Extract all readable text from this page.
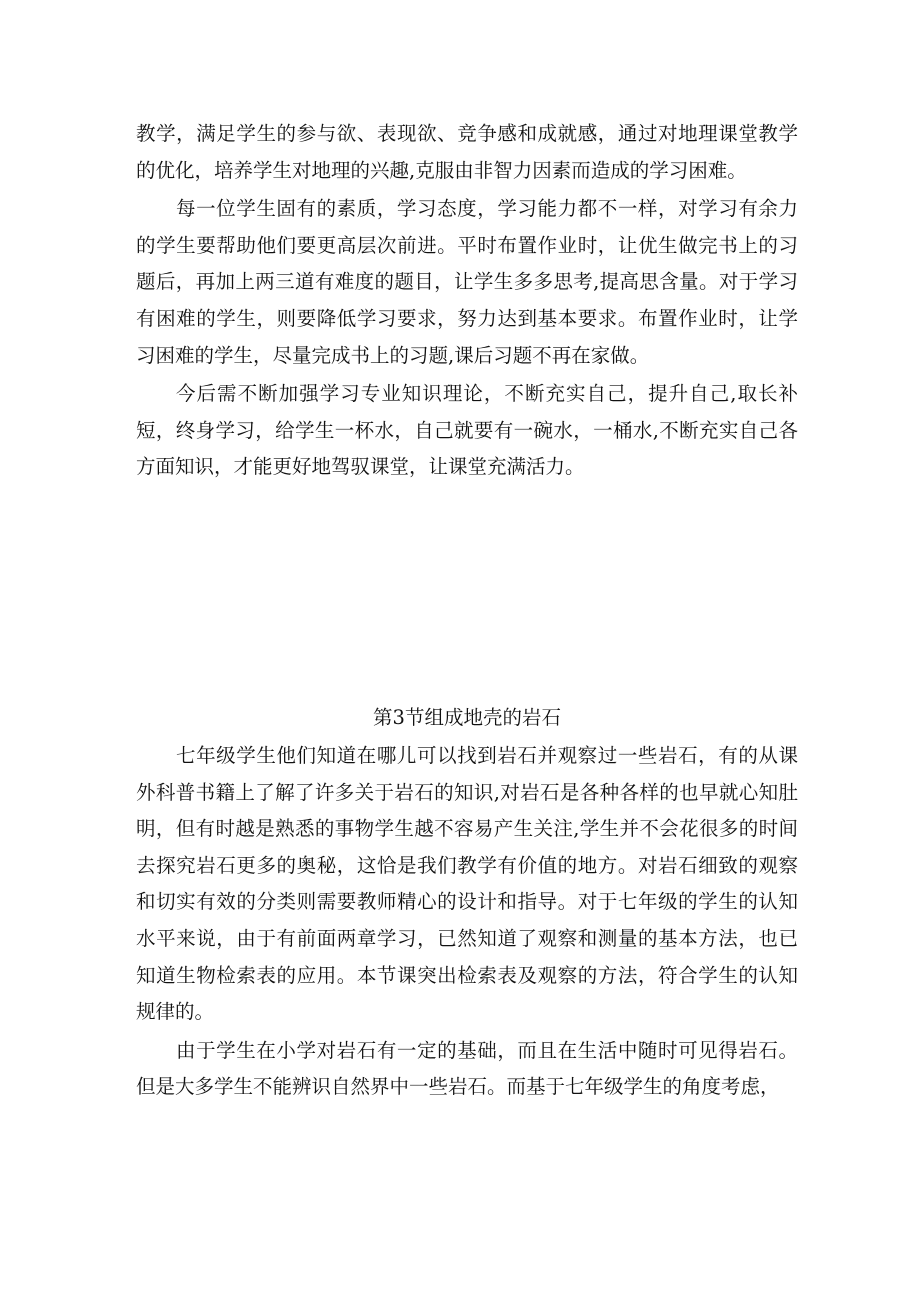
教学，满足学生的参与欲、表现欲、竞争感和成就感，通过对地理课堂教学的优化，培养学生对地理的兴趣,克服由非智力因素而造成的学习困难。

每一位学生固有的素质，学习态度，学习能力都不一样，对学习有余力的学生要帮助他们要更高层次前进。平时布置作业时，让优生做完书上的习题后，再加上两三道有难度的题目，让学生多多思考,提高思含量。对于学习有困难的学生，则要降低学习要求，努力达到基本要求。布置作业时，让学习困难的学生，尽量完成书上的习题,课后习题不再在家做。

今后需不断加强学习专业知识理论，不断充实自己，提升自己,取长补短，终身学习，给学生一杯水，自己就要有一碗水，一桶水,不断充实自己各方面知识，才能更好地驾驭课堂，让课堂充满活力。

第3节组成地壳的岩石

七年级学生他们知道在哪儿可以找到岩石并观察过一些岩石，有的从课外科普书籍上了解了许多关于岩石的知识,对岩石是各种各样的也早就心知肚明，但有时越是熟悉的事物学生越不容易产生关注,学生并不会花很多的时间去探究岩石更多的奥秘，这恰是我们教学有价值的地方。对岩石细致的观察和切实有效的分类则需要教师精心的设计和指导。对于七年级的学生的认知水平来说，由于有前面两章学习，已然知道了观察和测量的基本方法，也已知道生物检索表的应用。本节课突出检索表及观察的方法，符合学生的认知规律的。

由于学生在小学对岩石有一定的基础，而且在生活中随时可见得岩石。但是大多学生不能辨识自然界中一些岩石。而基于七年级学生的角度考虑，
